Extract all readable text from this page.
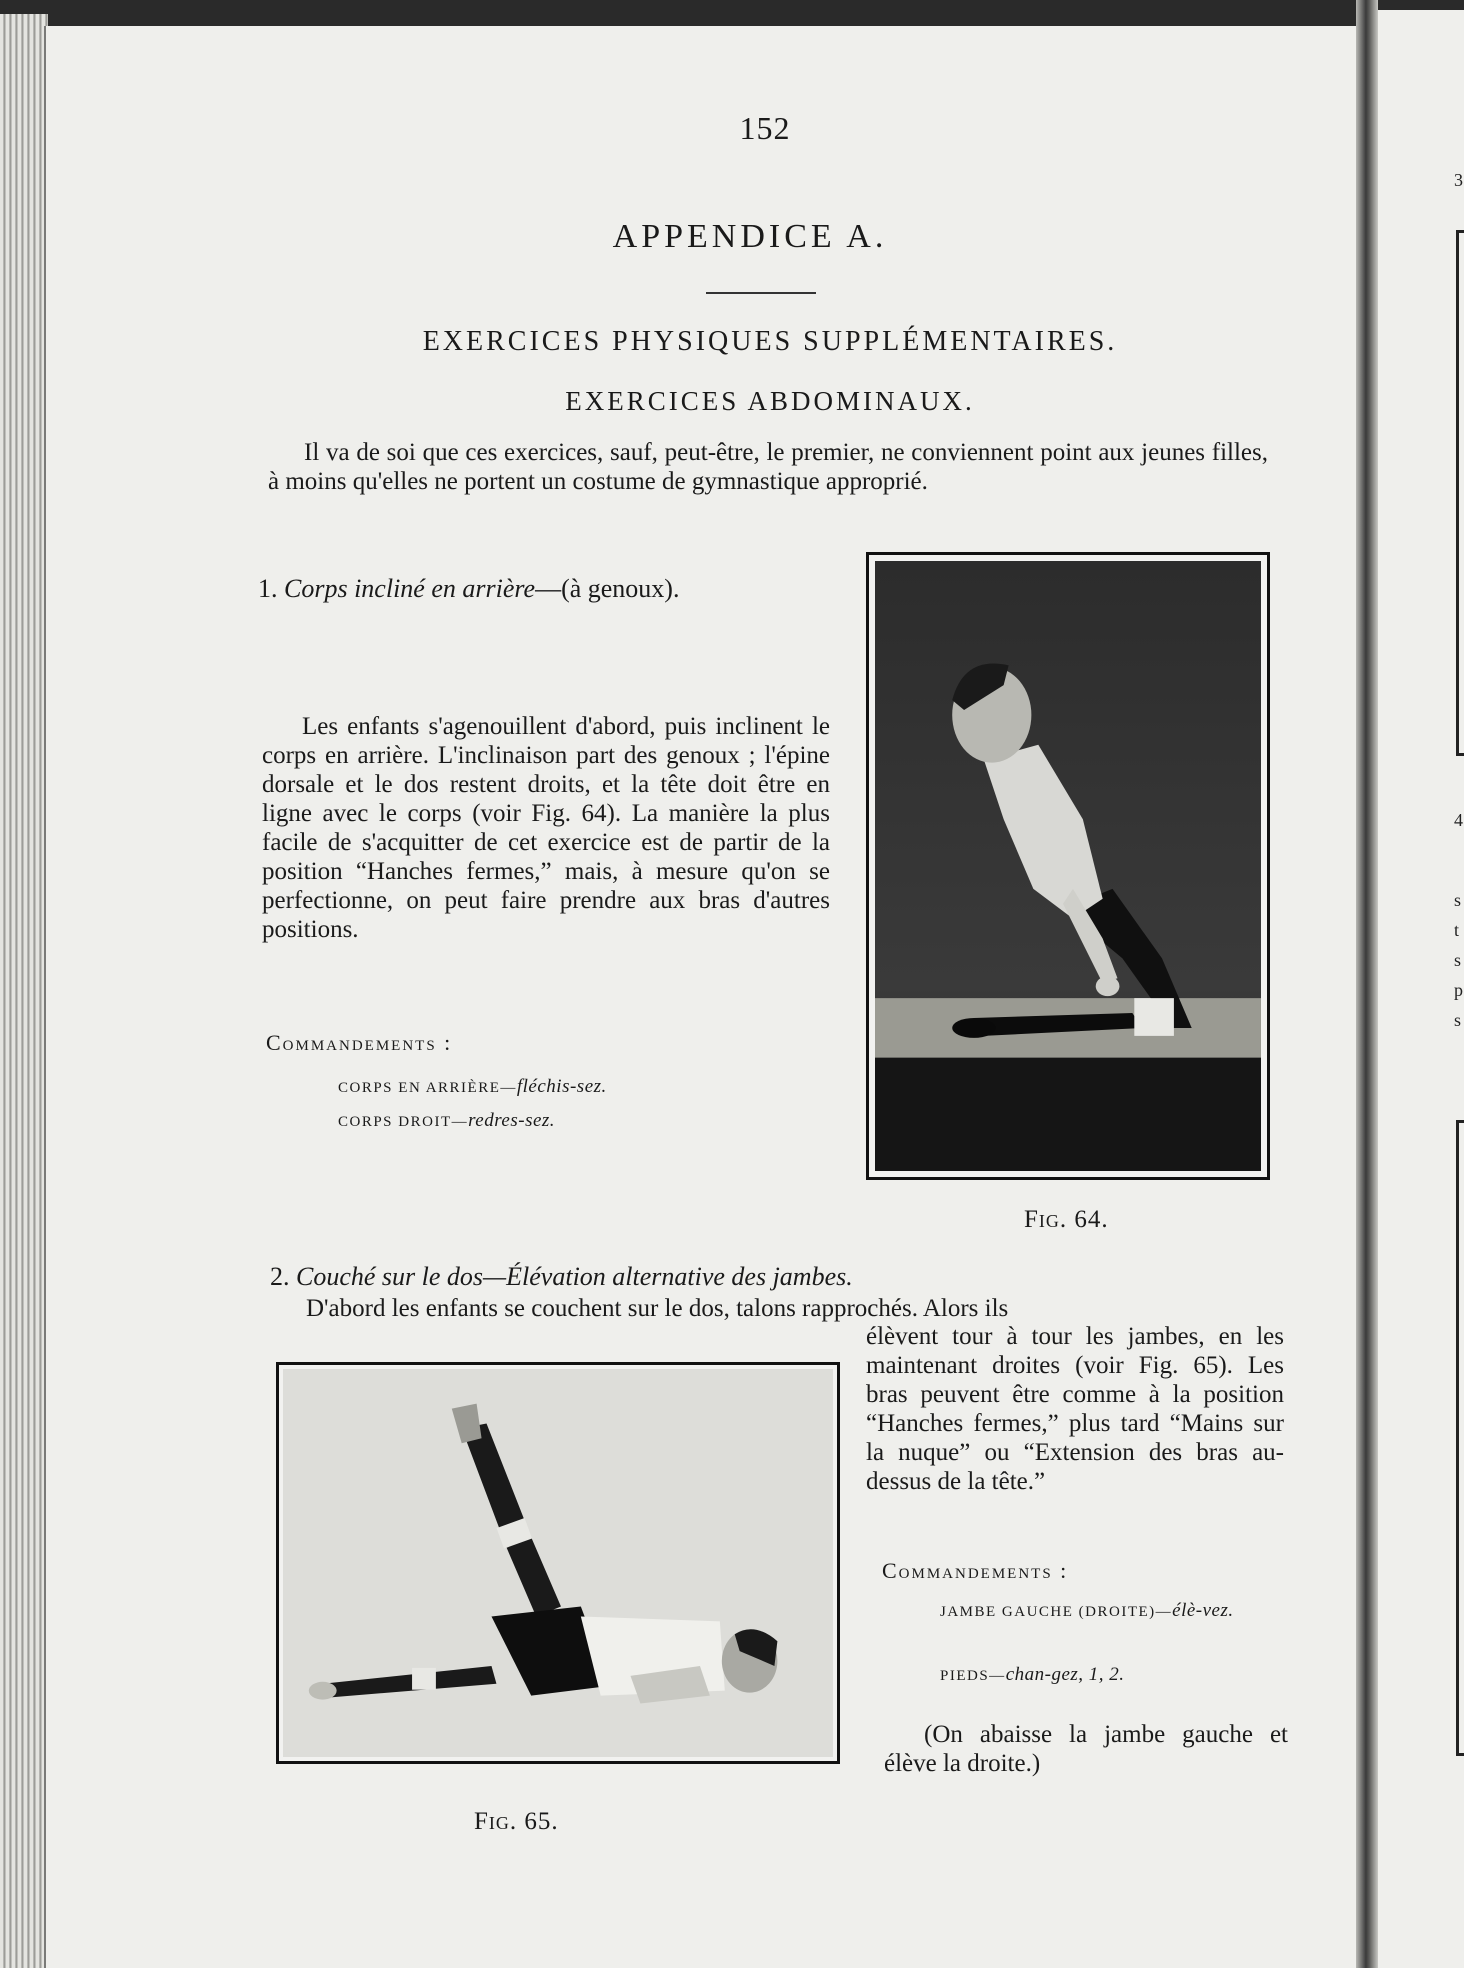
3
4
s
t
s
p
s
152
APPENDICE A.
EXERCICES PHYSIQUES SUPPLÉMENTAIRES.
EXERCICES ABDOMINAUX.
Il va de soi que ces exercices, sauf, peut-être, le premier, ne conviennent point aux jeunes filles, à moins qu'elles ne portent un costume de gymnastique approprié.
1. Corps incliné en arrière—(à genoux).
Les enfants s'agenouillent d'abord, puis inclinent le corps en arrière. L'inclinaison part des genoux ; l'épine dorsale et le dos restent droits, et la tête doit être en ligne avec le corps (voir Fig. 64). La manière la plus facile de s'acquitter de cet exercice est de partir de la position “Hanches fermes,” mais, à mesure qu'on se perfectionne, on peut faire prendre aux bras d'autres positions.
Commandements :
CORPS EN ARRIÈRE—fléchis-sez.
CORPS DROIT—redres-sez.
Fig. 64.
2. Couché sur le dos—Élévation alternative des jambes.
D'abord les enfants se couchent sur le dos, talons rapprochés. Alors ils
élèvent tour à tour les jambes, en les maintenant droites (voir Fig. 65). Les bras peuvent être comme à la position “Hanches fermes,” plus tard “Mains sur la nuque” ou “Extension des bras au-dessus de la tête.”
Commandements :
JAMBE GAUCHE (DROITE)—élè-vez.
PIEDS—chan-gez, 1, 2.
(On abaisse la jambe gauche et élève la droite.)
Fig. 65.
